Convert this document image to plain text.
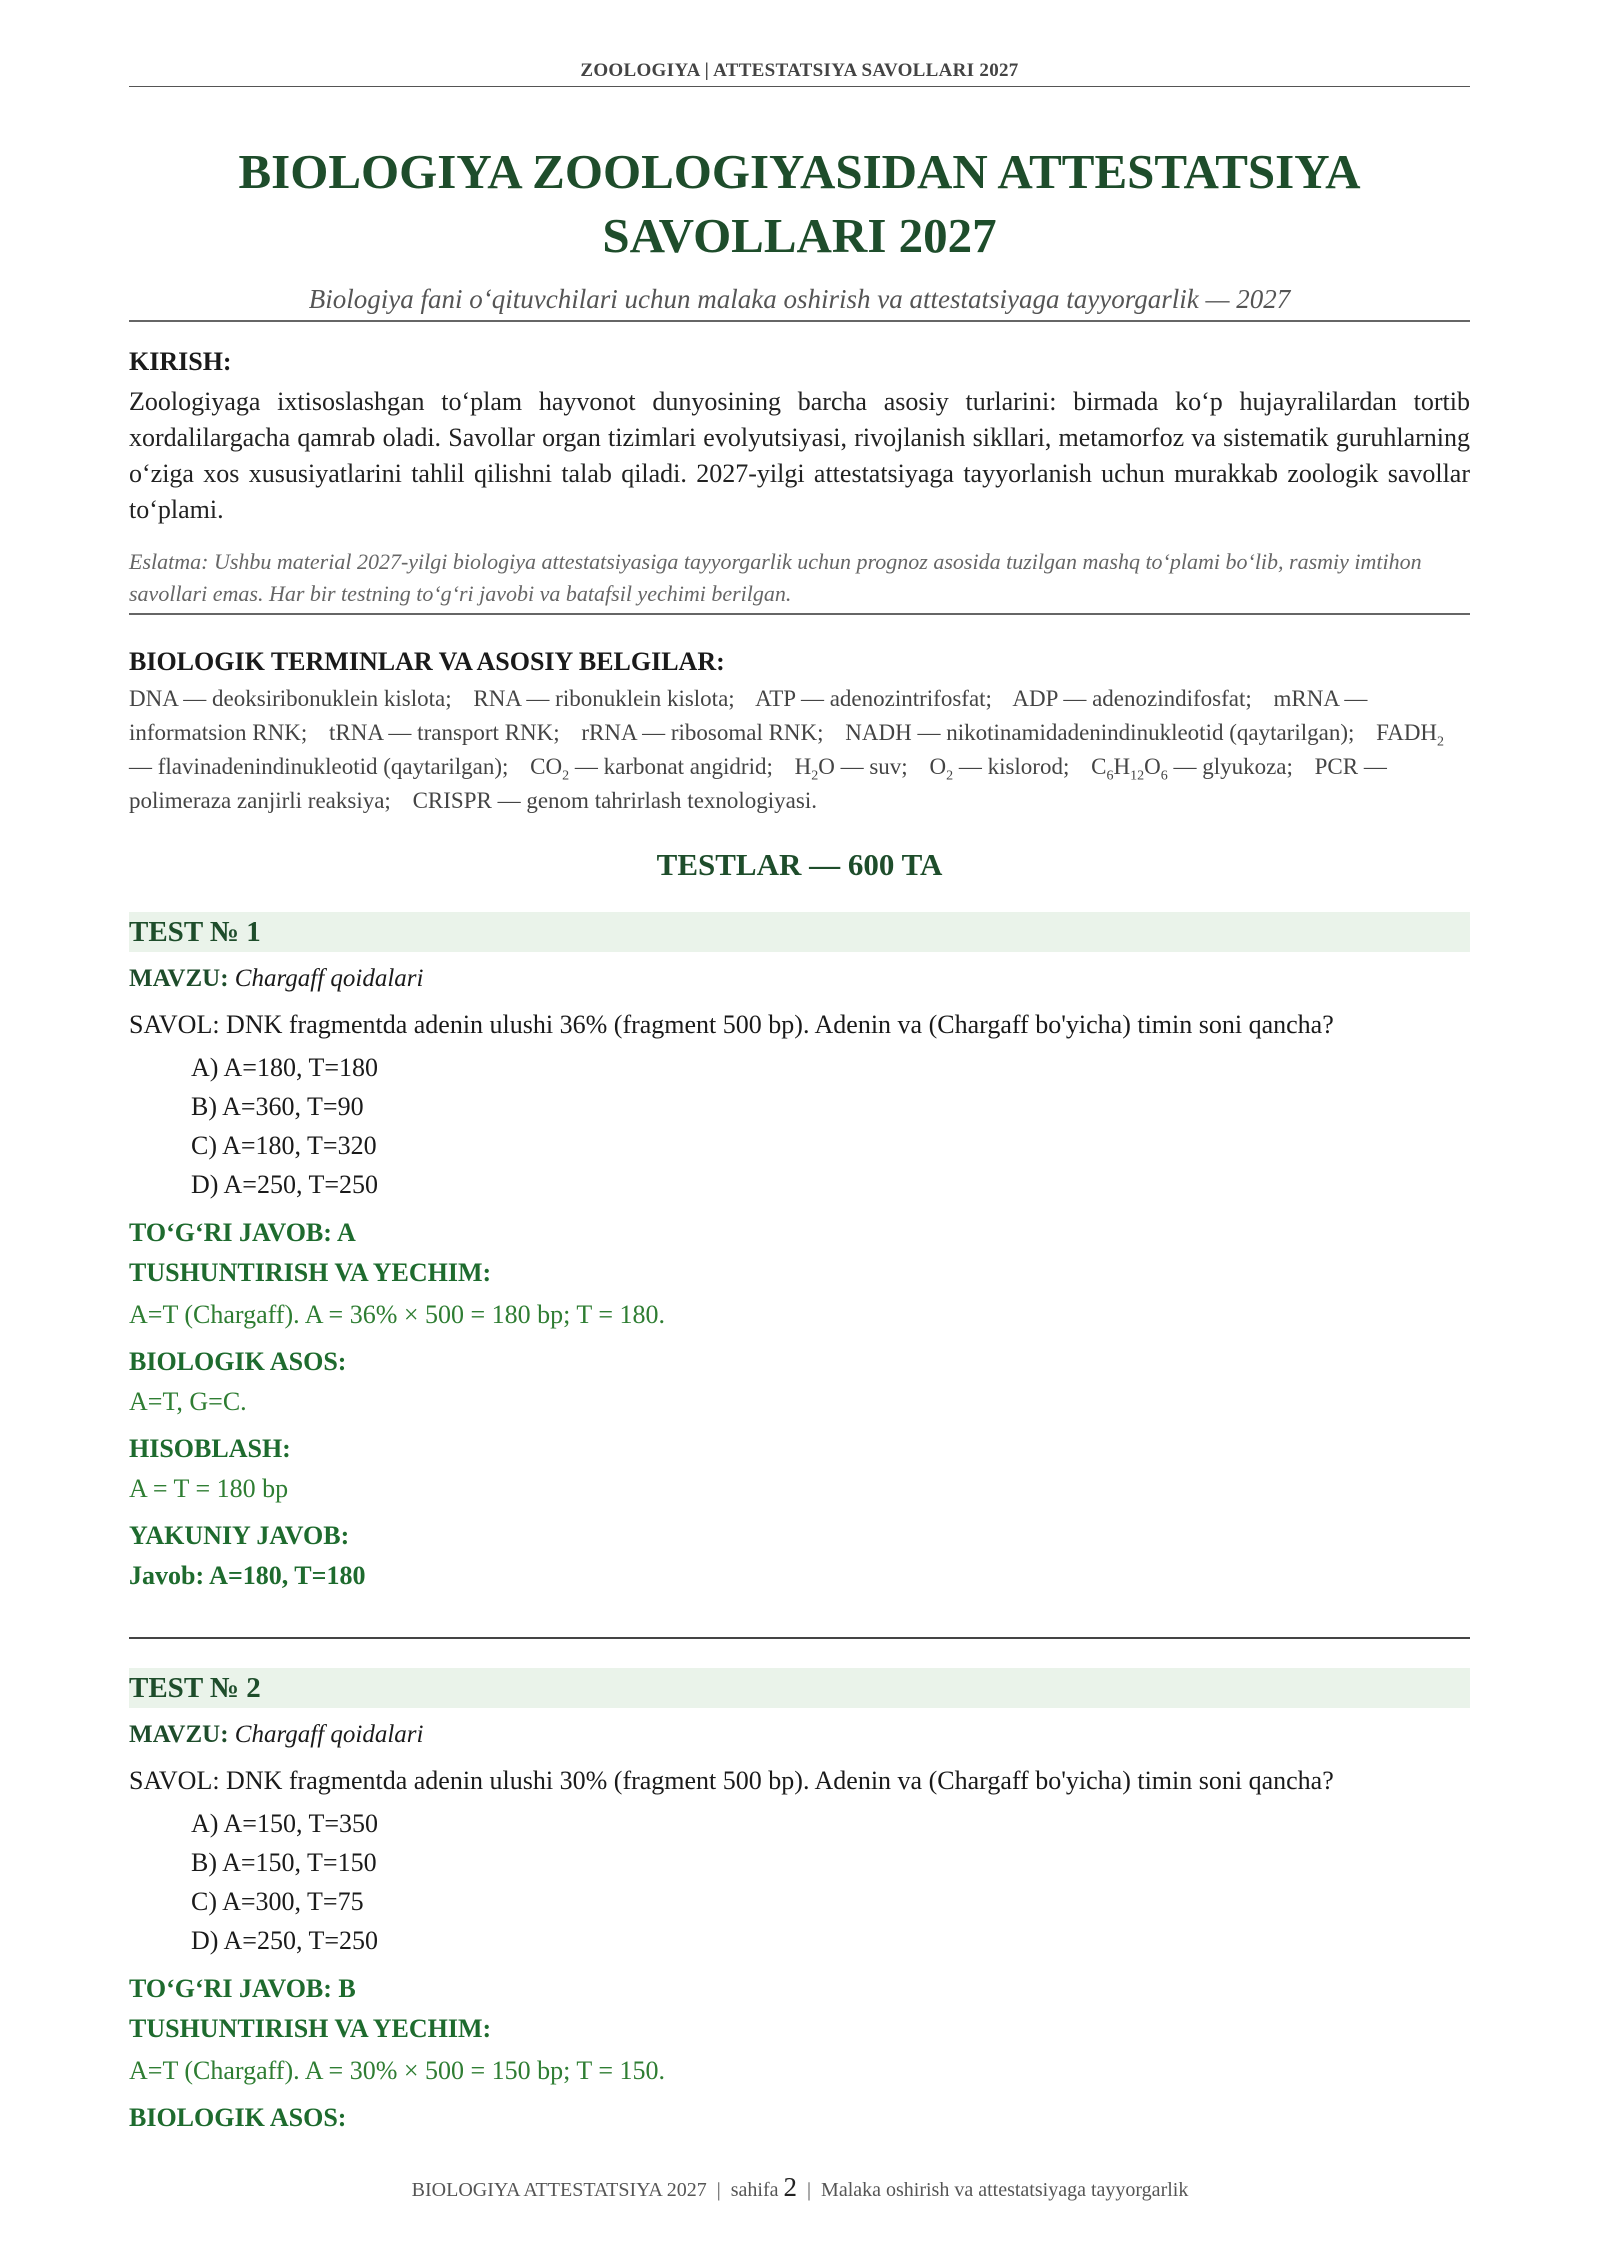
ZOOLOGIYA | ATTESTATSIYA SAVOLLARI 2027
BIOLOGIYA ZOOLOGIYASIDAN ATTESTATSIYA
SAVOLLARI 2027
Biologiya fani o‘qituvchilari uchun malaka oshirish va attestatsiyaga tayyorgarlik — 2027
KIRISH:

Zoologiyaga ixtisoslashgan to‘plam hayvonot dunyosining barcha asosiy turlarini: birmada ko‘p hujayralilardan tortib xordalilargacha qamrab oladi. Savollar organ tizimlari evolyutsiyasi, rivojlanish sikllari, metamorfoz va sistematik guruhlarning o‘ziga xos xususiyatlarini tahlil qilishni talab qiladi. 2027-yilgi attestatsiyaga tayyorlanish uchun murakkab zoologik savollar to‘plami.

Eslatma: Ushbu material 2027-yilgi biologiya attestatsiyasiga tayyorgarlik uchun prognoz asosida tuzilgan mashq to‘plami bo‘lib, rasmiy imtihon savollari emas. Har bir testning to‘g‘ri javobi va batafsil yechimi berilgan.

BIOLOGIK TERMINLAR VA ASOSIY BELGILAR:

DNA — deoksiribonuklein kislota; RNA — ribonuklein kislota; ATP — adenozintrifosfat; ADP — adenozindifosfat; mRNA — informatsion RNK; tRNA — transport RNK; rRNA — ribosomal RNK; NADH — nikotinamidadenindinukleotid (qaytarilgan); $FADH_2$ — flavinadenindinukleotid (qaytarilgan); $CO_2$ — karbonat angidrid; $H_2O$ — suv; $O_2$ — kislorod; $C_6H_{12}O_6$ — glyukoza; PCR — polimeraza zanjirli reaksiya; CRISPR — genom tahrirlash texnologiyasi.

TESTLAR — 600 TA
TEST № 1
MAVZU: Chargaff qoidalari
SAVOL: DNK fragmentda adenin ulushi 36% (fragment 500 bp). Adenin va (Chargaff bo'yicha) timin soni qancha?
A) A=180, T=180
B) A=360, T=90
C) A=180, T=320
D) A=250, T=250
TO‘G‘RI JAVOB: A
TUSHUNTIRISH VA YECHIM:
A=T (Chargaff). A = 36% × 500 = 180 bp; T = 180.
BIOLOGIK ASOS:
A=T, G=C.
HISOBLASH:
A = T = 180 bp
YAKUNIY JAVOB:
Javob: A=180, T=180
TEST № 2
MAVZU: Chargaff qoidalari
SAVOL: DNK fragmentda adenin ulushi 30% (fragment 500 bp). Adenin va (Chargaff bo'yicha) timin soni qancha?
A) A=150, T=350
B) A=150, T=150
C) A=300, T=75
D) A=250, T=250
TO‘G‘RI JAVOB: B
TUSHUNTIRISH VA YECHIM:
A=T (Chargaff). A = 30% × 500 = 150 bp; T = 150.
BIOLOGIK ASOS:
BIOLOGIYA ATTESTATSIYA 2027 | sahifa 2 | Malaka oshirish va attestatsiyaga tayyorgarlik
